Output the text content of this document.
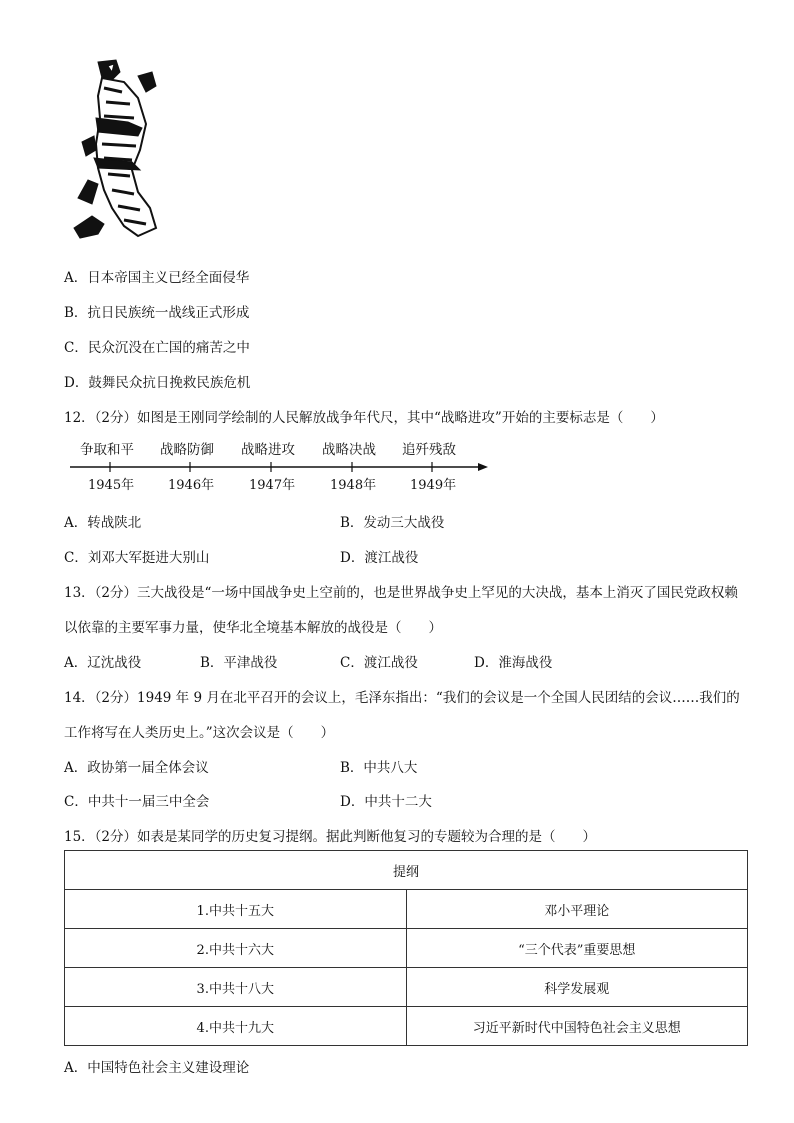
A．日本帝国主义已经全面侵华
B．抗日民族统一战线正式形成
C．民众沉没在亡国的痛苦之中
D．鼓舞民众抗日挽救民族危机
12．（2分）如图是王刚同学绘制的人民解放战争年代尺，其中“战略进攻”开始的主要标志是（　　）
争取和平 战略防御 战略进攻 战略决战 追歼残敌
1945年	1946年	1947年	1948年	1949年
A．转战陕北	B．发动三大战役
C．刘邓大军挺进大别山	D．渡江战役
13．（2分）三大战役是“一场中国战争史上空前的，也是世界战争史上罕见的大决战，基本上消灭了国民党政权赖
以依靠的主要军事力量，使华北全境基本解放的战役是（　　）
A．辽沈战役	B．平津战役	C．渡江战役	D．淮海战役
14．（2分）1949 年 9 月在北平召开的会议上，毛泽东指出：“我们的会议是一个全国人民团结的会议……我们的
工作将写在人类历史上。”这次会议是（　　）
A．政协第一届全体会议	B．中共八大
C．中共十一届三中全会	D．中共十二大
15．（2分）如表是某同学的历史复习提纲。据此判断他复习的专题较为合理的是（　　）
提纲	
1.中共十五大	邓小平理论
2.中共十六大	“三个代表”重要思想
3.中共十八大	科学发展观
4.中共十九大	习近平新时代中国特色社会主义思想
A．中国特色社会主义建设理论
